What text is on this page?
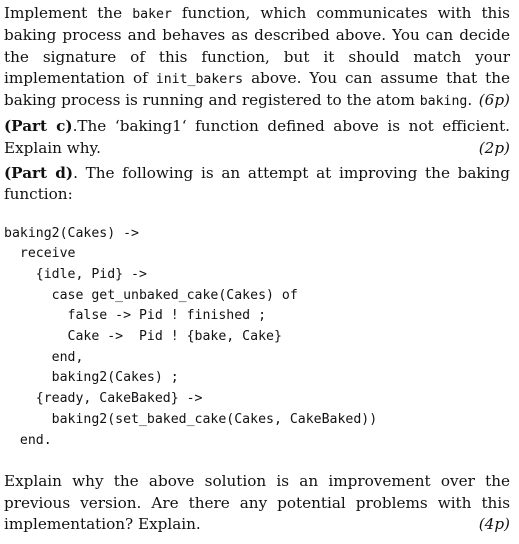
Implement the baker function, which communicates with this baking process and behaves as described above. You can decide the signature of this function, but it should match your implementation of init_bakers above. You can assume that the baking process is running and registered to the atom baking. (6p)

(Part c).The ‘baking1‘ function defined above is not efficient. Explain why.	(2p)

(Part d). The following is an attempt at improving the baking function:

baking2(Cakes) ->
receive
{idle, Pid} ->
case get_unbaked_cake(Cakes) of
false -> Pid ! finished ;
Cake ->  Pid ! {bake, Cake}
end,
baking2(Cakes) ;
{ready, CakeBaked} ->
baking2(set_baked_cake(Cakes, CakeBaked))
end.

Explain why the above solution is an improvement over the previous version. Are there any potential problems with this implementation? Explain.	(4p)
